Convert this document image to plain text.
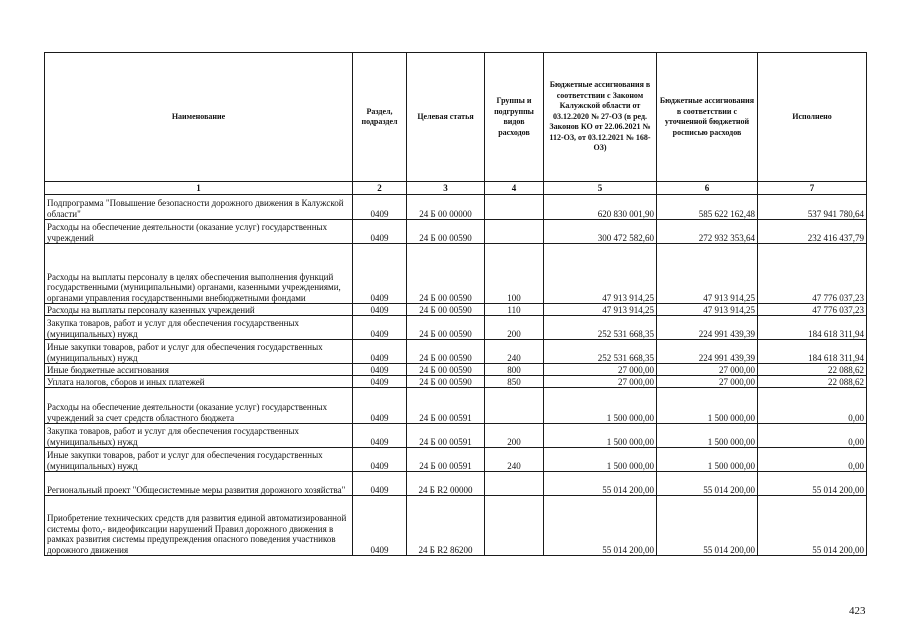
Наименование	Раздел, подраздел	Целевая статья	Группы и подгруппы видов расходов	Бюджетные ассигнования в соответствии с Законом Калужской области от 03.12.2020 № 27-ОЗ (в ред. Законов КО от 22.06.2021 № 112-ОЗ, от 03.12.2021 № 168-ОЗ)	Бюджетные ассигнования в соответствии с уточненной бюджетной росписью расходов	Исполнено
1	2	3	4	5	6	7
Подпрограмма "Повышение безопасности дорожного движения в Калужской области"	0409	24 Б 00 00000		620 830 001,90	585 622 162,48	537 941 780,64
Расходы на обеспечение деятельности (оказание услуг) государственных учреждений	0409	24 Б 00 00590		300 472 582,60	272 932 353,64	232 416 437,79
Расходы на выплаты персоналу в целях обеспечения выполнения функций государственными (муниципальными) органами, казенными учреждениями, органами управления государственными внебюджетными фондами	0409	24 Б 00 00590	100	47 913 914,25	47 913 914,25	47 776 037,23
Расходы на выплаты персоналу казенных учреждений	0409	24 Б 00 00590	110	47 913 914,25	47 913 914,25	47 776 037,23
Закупка товаров, работ и услуг для обеспечения государственных (муниципальных) нужд	0409	24 Б 00 00590	200	252 531 668,35	224 991 439,39	184 618 311,94
Иные закупки товаров, работ и услуг для обеспечения государственных (муниципальных) нужд	0409	24 Б 00 00590	240	252 531 668,35	224 991 439,39	184 618 311,94
Иные бюджетные ассигнования	0409	24 Б 00 00590	800	27 000,00	27 000,00	22 088,62
Уплата налогов, сборов и иных платежей	0409	24 Б 00 00590	850	27 000,00	27 000,00	22 088,62
Расходы на обеспечение деятельности (оказание услуг) государственных учреждений за счет средств областного бюджета	0409	24 Б 00 00591		1 500 000,00	1 500 000,00	0,00
Закупка товаров, работ и услуг для обеспечения государственных (муниципальных) нужд	0409	24 Б 00 00591	200	1 500 000,00	1 500 000,00	0,00
Иные закупки товаров, работ и услуг для обеспечения государственных (муниципальных) нужд	0409	24 Б 00 00591	240	1 500 000,00	1 500 000,00	0,00
Региональный проект "Общесистемные меры развития дорожного хозяйства"	0409	24 Б R2 00000		55 014 200,00	55 014 200,00	55 014 200,00
Приобретение технических средств для развития единой автоматизированной системы фото,- видеофиксации нарушений Правил дорожного движения в рамках развития системы предупреждения опасного поведения участников дорожного движения	0409	24 Б R2 86200		55 014 200,00	55 014 200,00	55 014 200,00
423
